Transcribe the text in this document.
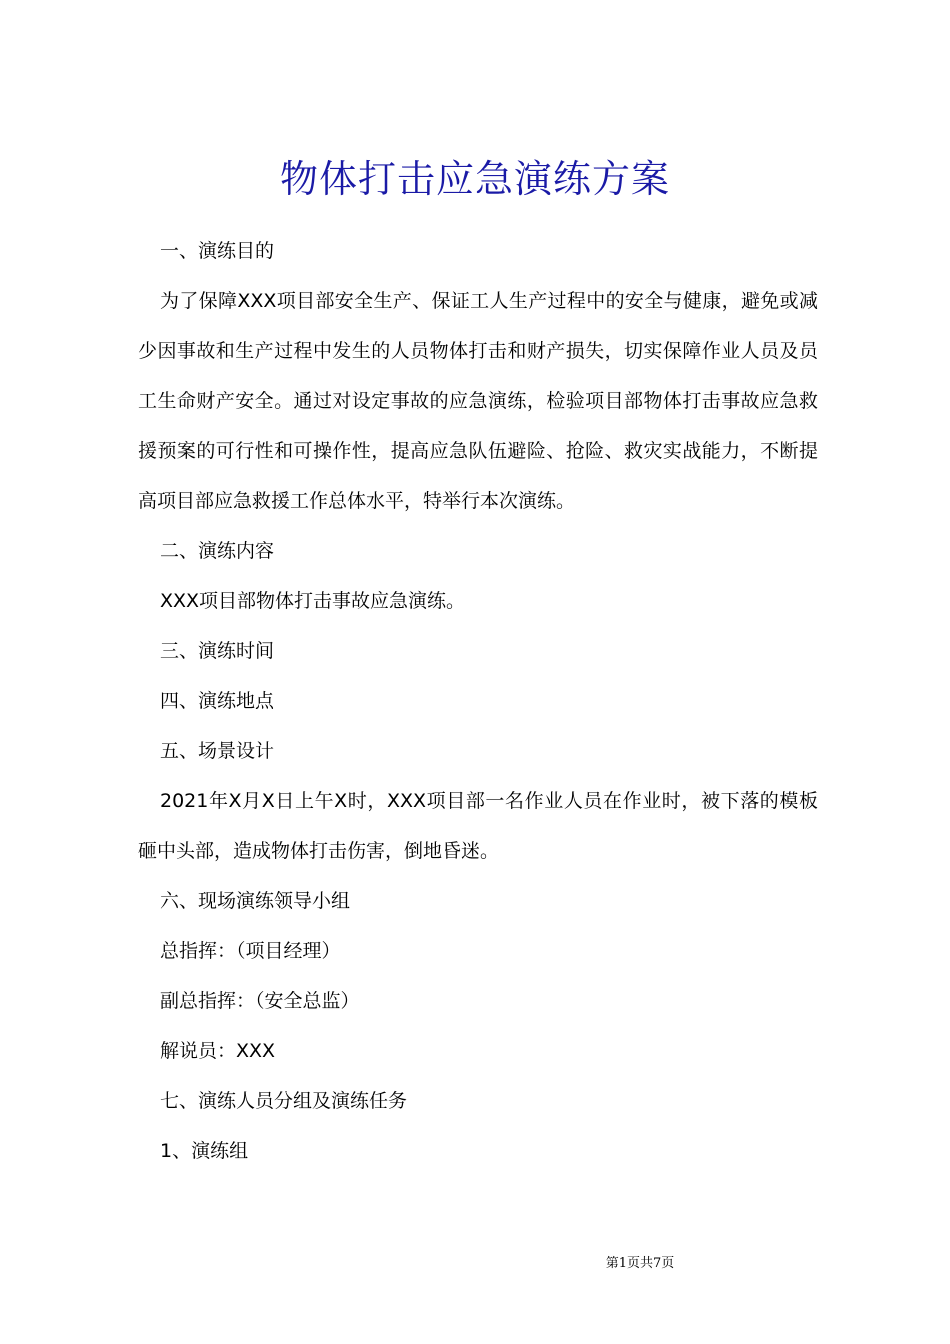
物体打击应急演练方案
一、演练目的

为了保障XXX项目部安全生产、保证工人生产过程中的安全与健康，避免或减少因事故和生产过程中发生的人员物体打击和财产损失，切实保障作业人员及员工生命财产安全。通过对设定事故的应急演练，检验项目部物体打击事故应急救援预案的可行性和可操作性，提高应急队伍避险、抢险、救灾实战能力，不断提高项目部应急救援工作总体水平，特举行本次演练。

二、演练内容
XXX项目部物体打击事故应急演练。
三、演练时间
四、演练地点
五、场景设计

2021年X月X日上午X时，XXX项目部一名作业人员在作业时，被下落的模板砸中头部，造成物体打击伤害，倒地昏迷。

六、现场演练领导小组
总指挥：（项目经理）
副总指挥：（安全总监）
解说员：XXX
七、演练人员分组及演练任务
1、演练组
第1页共7页
